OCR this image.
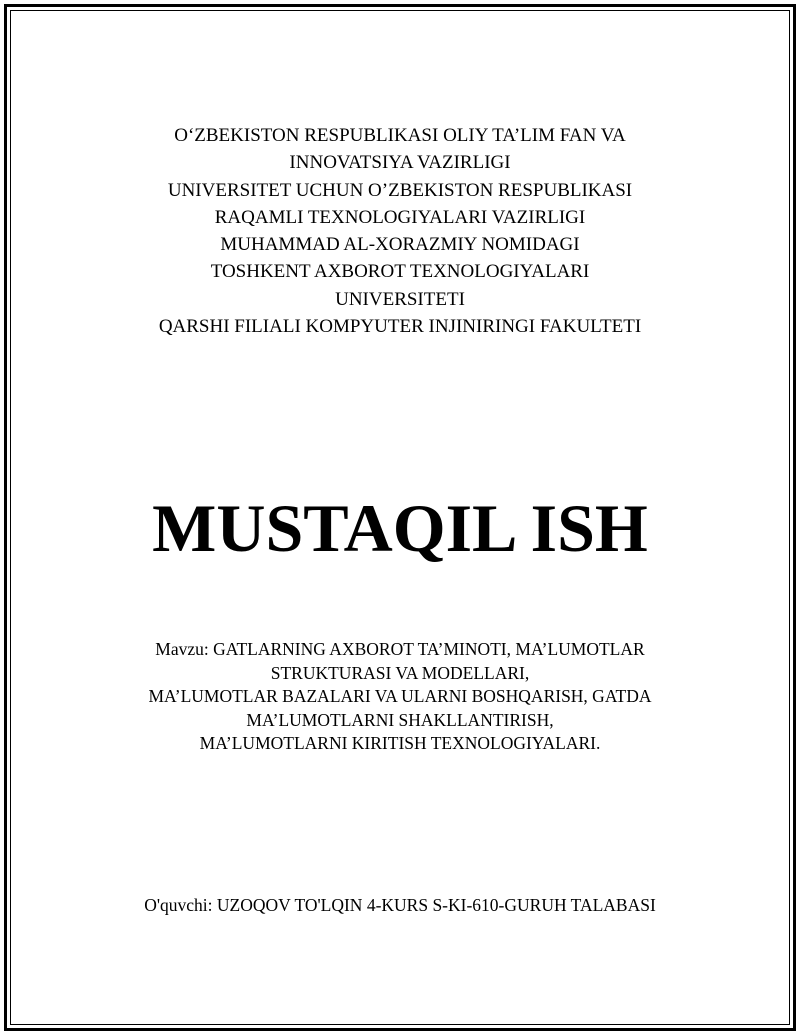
O‘ZBEKISTON RESPUBLIKASI OLIY TA’LIM FAN VA
INNOVATSIYA VAZIRLIGI
UNIVERSITET UCHUN O’ZBEKISTON RESPUBLIKASI
RAQAMLI TEXNOLOGIYALARI VAZIRLIGI
MUHAMMAD AL-XORAZMIY NOMIDAGI
TOSHKENT AXBOROT TEXNOLOGIYALARI
UNIVERSITETI
QARSHI FILIALI KOMPYUTER INJINIRINGI FAKULTETI
MUSTAQIL ISH
Mavzu: GATLARNING AXBOROT TA’MINOTI, MA’LUMOTLAR
STRUKTURASI VA MODELLARI,
MA’LUMOTLAR BAZALARI VA ULARNI BOSHQARISH, GATDA
MA’LUMOTLARNI SHAKLLANTIRISH,
MA’LUMOTLARNI KIRITISH TEXNOLOGIYALARI.
O'quvchi: UZOQOV TO'LQIN 4-KURS S-KI-610-GURUH TALABASI
